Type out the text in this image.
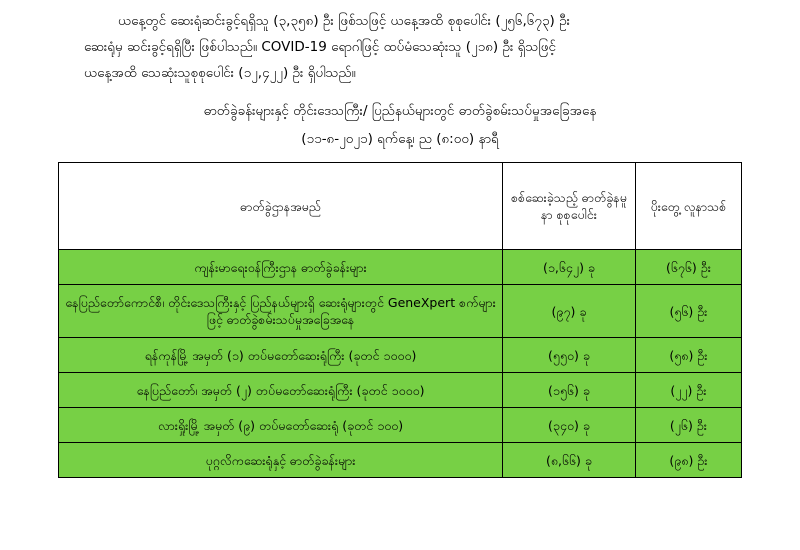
ယနေ့တွင် ဆေးရုံဆင်းခွင့်ရရှိသူ (၃,၃၅၈) ဦး ဖြစ်သဖြင့် ယနေ့အထိ စုစုပေါင်း (၂၅၆,၆၇၃) ဦး
ဆေးရုံမှ ဆင်းခွင့်ရရှိပြီး ဖြစ်ပါသည်။ COVID-19 ရောဂါဖြင့် ထပ်မံသေဆုံးသူ (၂၁၈) ဦး ရှိသဖြင့်
ယနေ့အထိ သေဆုံးသူစုစုပေါင်း (၁၂,၄၂၂) ဦး ရှိပါသည်။
ဓာတ်ခွဲခန်းများနှင့် တိုင်းဒေသကြီး/ ပြည်နယ်များတွင် ဓာတ်ခွဲစမ်းသပ်မှုအခြေအနေ
(၁၁-၈-၂၀၂၁) ရက်နေ့၊ ည (၈:၀၀) နာရီ
ဓာတ်ခွဲဌာနအမည်	စစ်ဆေးခဲ့သည့် ဓာတ်ခွဲနမူနာ စုစုပေါင်း	ပိုးတွေ့ လူနာသစ်
ကျန်းမာရေးဝန်ကြီးဌာန ဓာတ်ခွဲခန်းများ	(၁,၆၄၂) ခု	(၆၇၆) ဦး
နေပြည်တော်ကောင်စီ၊ တိုင်းဒေသကြီးနှင့် ပြည်နယ်များရှိ ဆေးရုံများတွင် GeneXpert စက်များဖြင့် ဓာတ်ခွဲစမ်းသပ်မှုအခြေအနေ	(၉၇) ခု	(၅၆) ဦး
ရန်ကုန်မြို့ အမှတ် (၁) တပ်မတော်ဆေးရုံကြီး (ခုတင် ၁၀၀၀)	(၅၅၀) ခု	(၅၈) ဦး
နေပြည်တော်၊ အမှတ် (၂) တပ်မတော်ဆေးရုံကြီး (ခုတင် ၁၀၀၀)	(၁၅၆) ခု	(၂၂) ဦး
လားရှိုးမြို့ အမှတ် (၉) တပ်မတော်ဆေးရုံ (ခုတင် ၁၀၀)	(၃၄၀) ခု	(၂၆) ဦး
ပုဂ္ဂလိကဆေးရုံနှင့် ဓာတ်ခွဲခန်းများ	(၈,၆၆) ခု	(၉၈) ဦး
